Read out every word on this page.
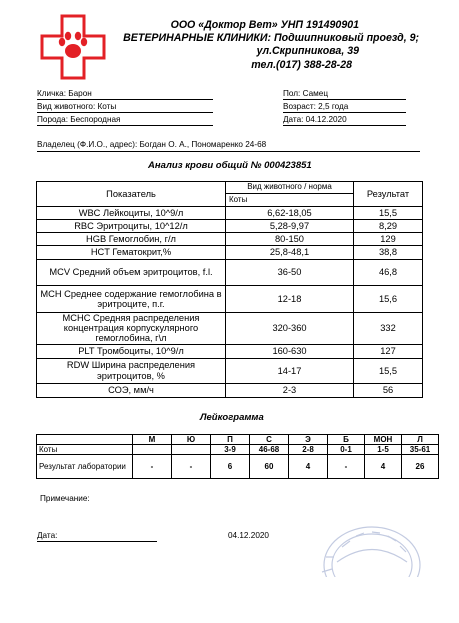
ООО «Доктор Вет» УНП 191490901
ВЕТЕРИНАРНЫЕ КЛИНИКИ: Подшипниковый проезд, 9;
ул.Скрипникова, 39
тел.(017) 388-28-28
Кличка: Барон
Вид животного: Коты
Порода: Беспородная
Пол: Самец
Возраст: 2,5 года
Дата: 04.12.2020
Владелец (Ф.И.О., адрес): Богдан О. А., Пономаренко 24-68
Анализ крови общий № 000423851
Показатель	Вид животного / норма	Результат
	Коты	
WBC Лейкоциты, 10^9/л	6,62-18,05	15,5
RBC Эритроциты, 10^12/л	5,28-9,97	8,29
HGB Гемоглобин, г/л	80-150	129
HCT Гематокрит,%	25,8-48,1	38,8
MCV Средний объем эритроцитов, f.l.	36-50	46,8
MCH Среднее содержание гемоглобина в эритроците, п.г.	12-18	15,6
MCHC Средняя распределения концентрация корпускулярного гемоглобина, г\л	320-360	332
PLT Тромбоциты, 10^9/л	160-630	127
RDW Ширина распределения эритроцитов, %	14-17	15,5
СОЭ, мм/ч	2-3	56
Лейкограмма
	М	Ю	П	С	Э	Б	МОН	Л
Коты			3-9	46-68	2-8	0-1	1-5	35-61
Результат лаборатории	-	-	6	60	4	-	4	26
Примечание:
Дата:	04.12.2020
